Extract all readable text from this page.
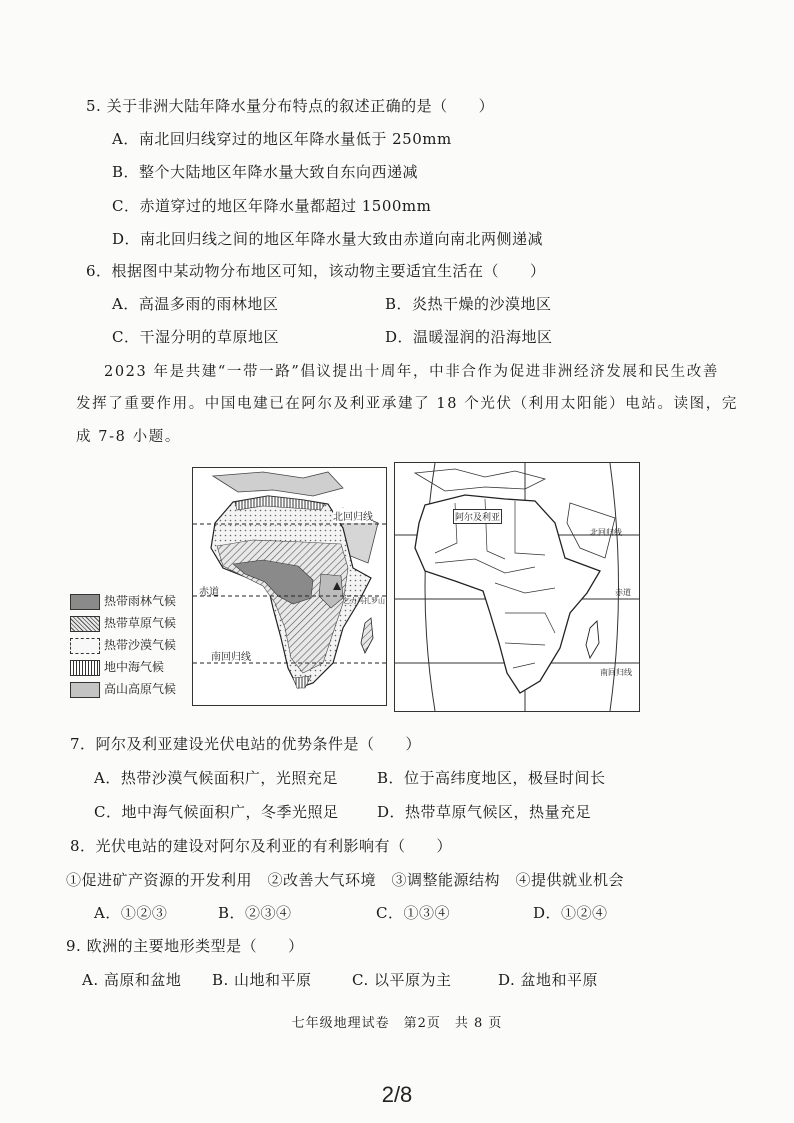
5. 关于非洲大陆年降水量分布特点的叙述正确的是（　　）
A．南北回归线穿过的地区年降水量低于 250mm
B．整个大陆地区年降水量大致自东向西递减
C．赤道穿过的地区年降水量都超过 1500mm
D．南北回归线之间的地区年降水量大致由赤道向南北两侧递减
6．根据图中某动物分布地区可知，该动物主要适宜生活在（　　）
A．高温多雨的雨林地区	B．炎热干燥的沙漠地区
C．干湿分明的草原地区	D．温暖湿润的沿海地区
2023 年是共建“一带一路”倡议提出十周年，中非合作为促进非洲经济发展和民生改善
发挥了重要作用。中国电建已在阿尔及利亚承建了 18 个光伏（利用太阳能）电站。读图，完
成 7-8 小题。
北回归线
赤道
乞力马扎罗山
南回归线
热带雨林气候
热带草原气候
热带沙漠气候
地中海气候
高山高原气候
阿尔及利亚
北回归线
赤道
南回归线
7．阿尔及利亚建设光伏电站的优势条件是（　　）
A．热带沙漠气候面积广，光照充足	B．位于高纬度地区，极昼时间长
C．地中海气候面积广，冬季光照足	D．热带草原气候区，热量充足
8．光伏电站的建设对阿尔及利亚的有利影响有（　　）
①促进矿产资源的开发利用　②改善大气环境　③调整能源结构　④提供就业机会
A．①②③	B．②③④	C．①③④	D．①②④
9. 欧洲的主要地形类型是（　　）
A. 高原和盆地 B. 山地和平原	C. 以平原为主	D. 盆地和平原
七年级地理试卷　第2页　共 8 页
2/8
